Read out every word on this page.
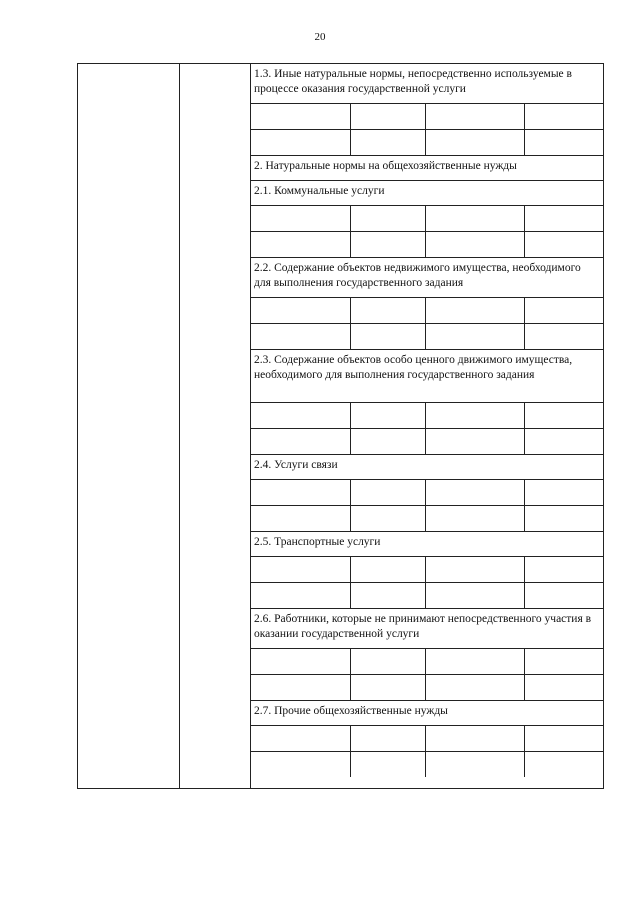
20
1.3. Иные натуральные нормы, непосредственно используемые в процессе оказания государственной услуги
2. Натуральные нормы на общехозяйственные нужды
2.1. Коммунальные услуги
2.2. Содержание объектов недвижимого имущества, необходимого для выполнения государственного задания
2.3. Содержание объектов особо ценного движимого имущества, необходимого для выполнения государственного задания
2.4. Услуги связи
2.5. Транспортные услуги
2.6. Работники, которые не принимают непосредственного участия в оказании государственной услуги
2.7. Прочие общехозяйственные нужды
